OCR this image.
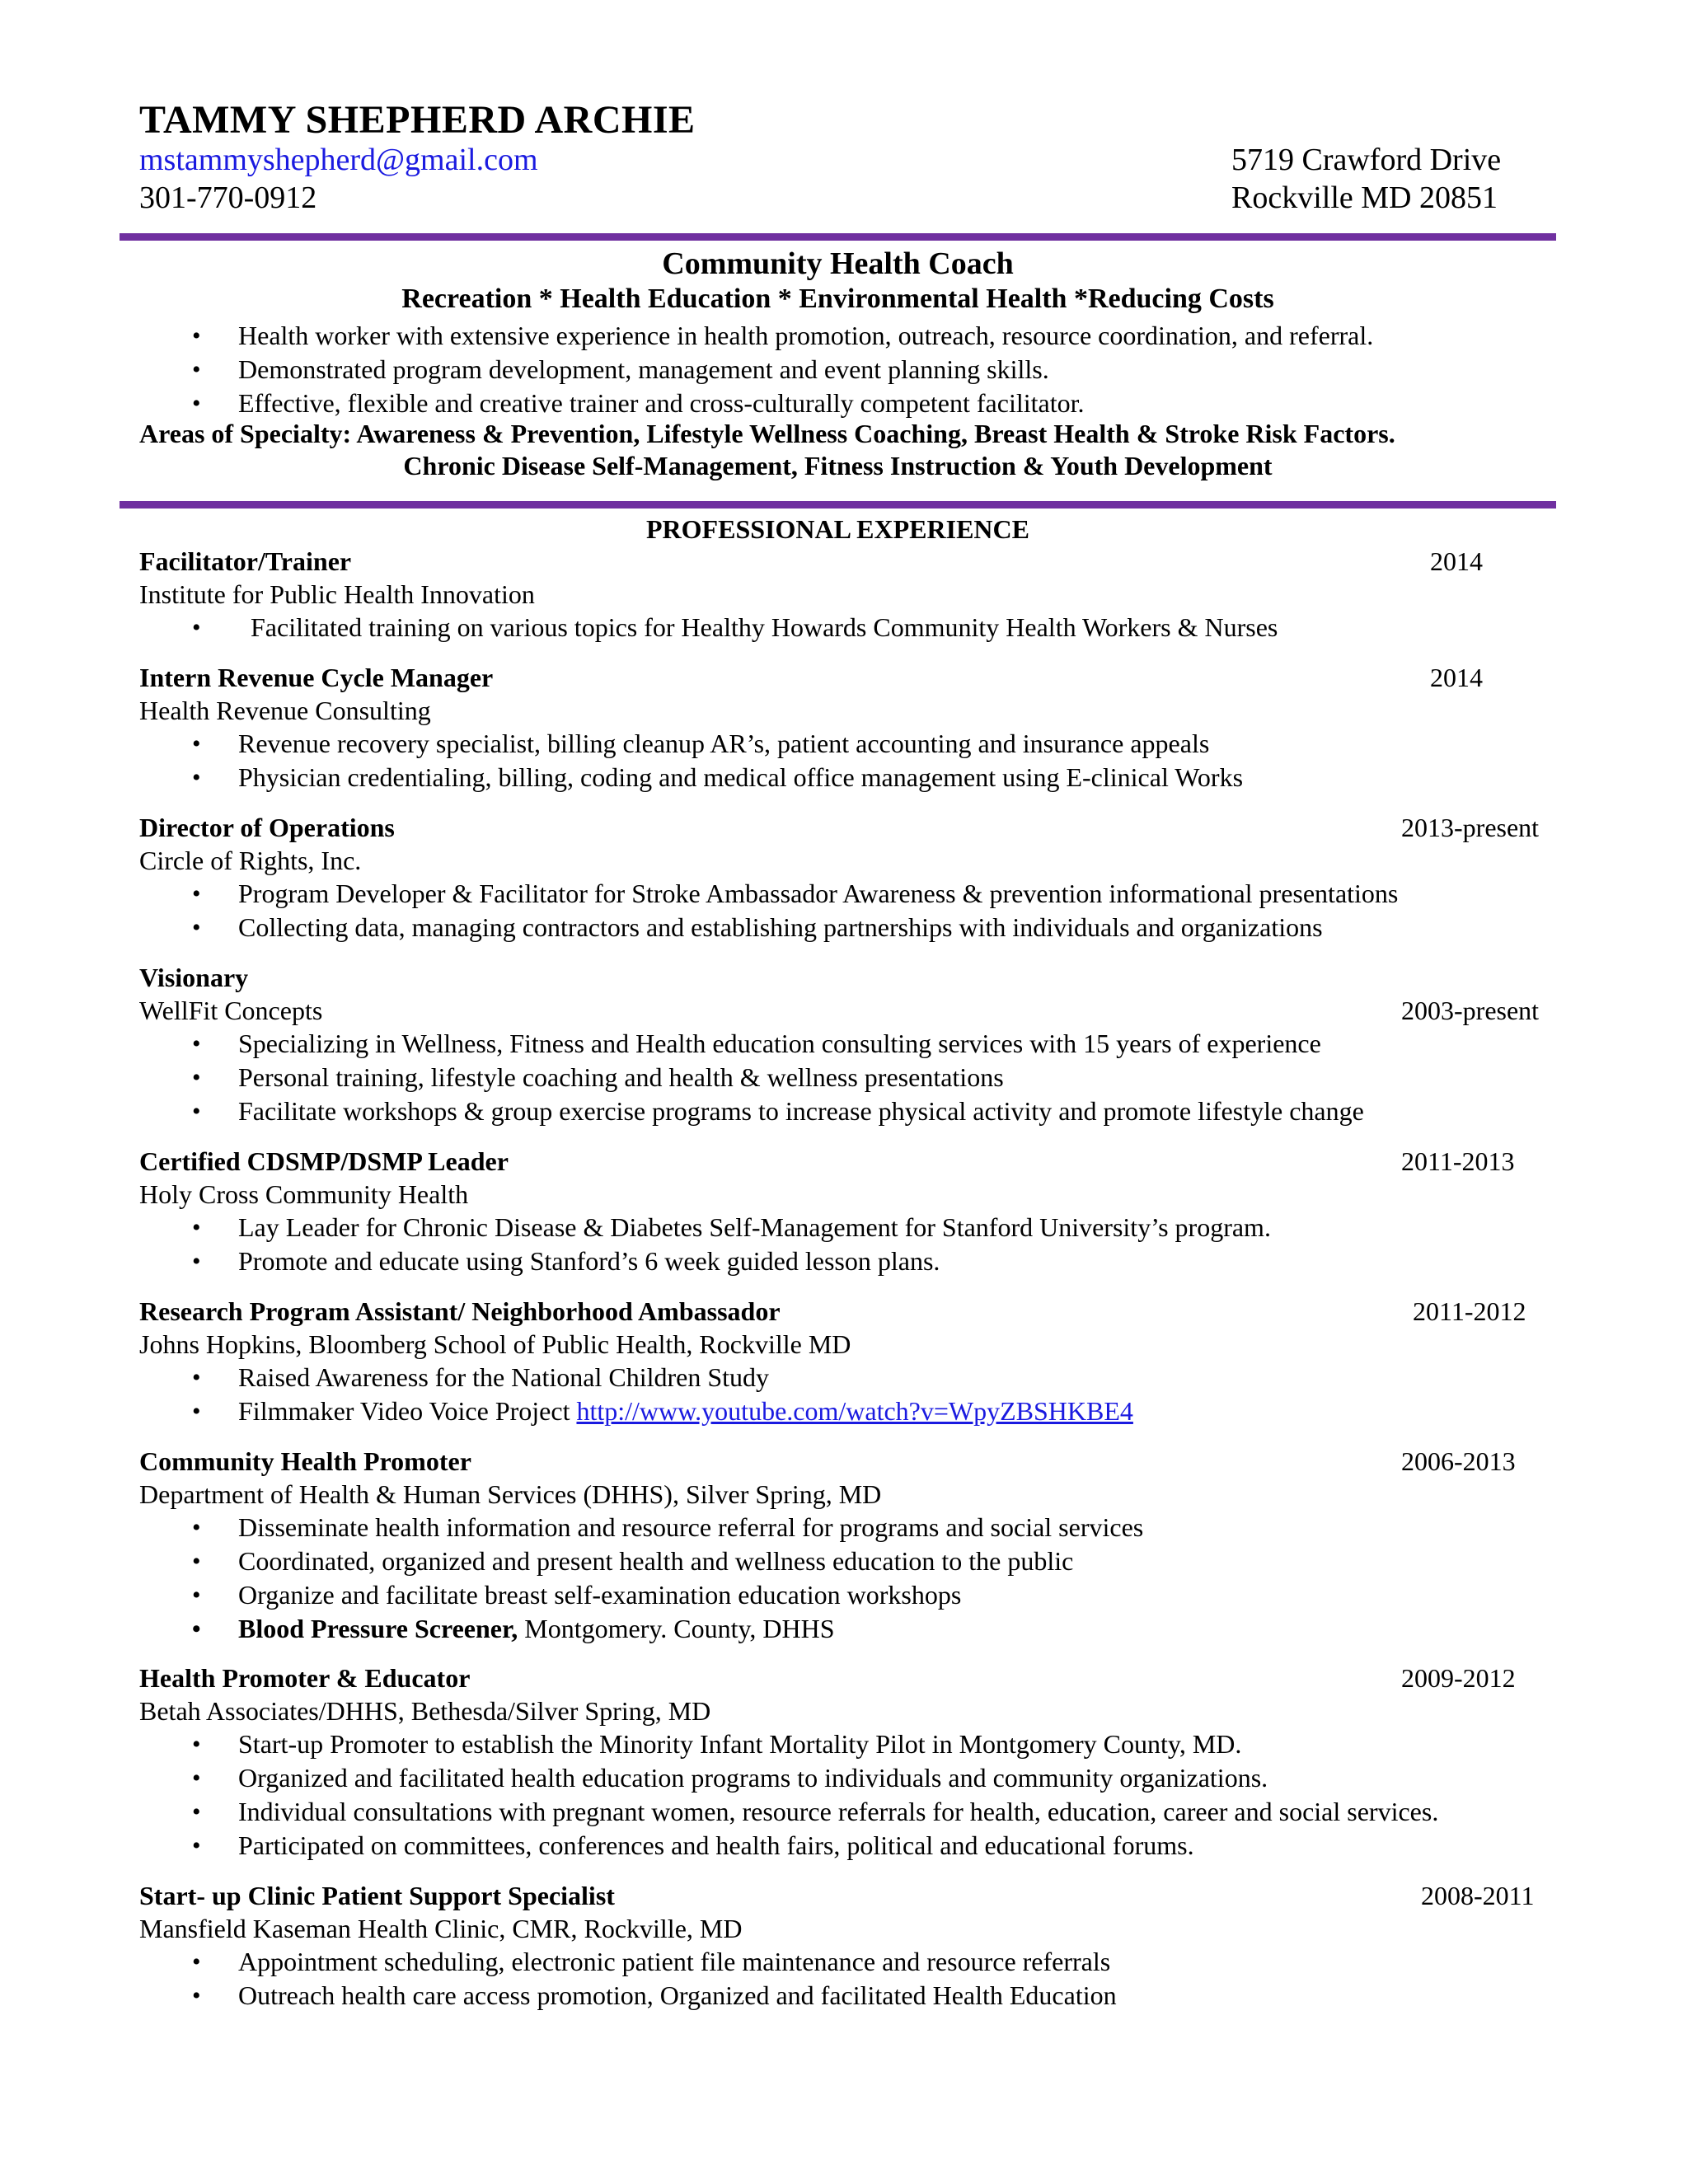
TAMMY SHEPHERD ARCHIE
mstammyshepherd@gmail.com
301-770-0912
5719 Crawford Drive
Rockville MD 20851
Community Health Coach
Recreation * Health Education * Environmental Health *Reducing Costs
• Health worker with extensive experience in health promotion, outreach, resource coordination, and referral.
• Demonstrated program development, management and event planning skills.
• Effective, flexible and creative trainer and cross-culturally competent facilitator.
Areas of Specialty: Awareness & Prevention, Lifestyle Wellness Coaching, Breast Health & Stroke Risk Factors.
Chronic Disease Self-Management, Fitness Instruction & Youth Development
PROFESSIONAL EXPERIENCE
Facilitator/Trainer	2014
Institute for Public Health Innovation
• Facilitated training on various topics for Healthy Howards Community Health Workers & Nurses
Intern Revenue Cycle Manager	2014
Health Revenue Consulting
• Revenue recovery specialist, billing cleanup AR’s, patient accounting and insurance appeals
• Physician credentialing, billing, coding and medical office management using E-clinical Works
Director of Operations	2013-present
Circle of Rights, Inc.
• Program Developer & Facilitator for Stroke Ambassador Awareness & prevention informational presentations
• Collecting data, managing contractors and establishing partnerships with individuals and organizations
Visionary
WellFit Concepts	2003-present
• Specializing in Wellness, Fitness and Health education consulting services with 15 years of experience
• Personal training, lifestyle coaching and health & wellness presentations
• Facilitate workshops & group exercise programs to increase physical activity and promote lifestyle change
Certified CDSMP/DSMP Leader	2011-2013
Holy Cross Community Health
• Lay Leader for Chronic Disease & Diabetes Self-Management for Stanford University’s program.
• Promote and educate using Stanford’s 6 week guided lesson plans.
Research Program Assistant/ Neighborhood Ambassador	2011-2012
Johns Hopkins, Bloomberg School of Public Health, Rockville MD
• Raised Awareness for the National Children Study
• Filmmaker Video Voice Project http://www.youtube.com/watch?v=WpyZBSHKBE4
Community Health Promoter	2006-2013
Department of Health & Human Services (DHHS), Silver Spring, MD
• Disseminate health information and resource referral for programs and social services
• Coordinated, organized and present health and wellness education to the public
• Organize and facilitate breast self-examination education workshops
• Blood Pressure Screener, Montgomery. County, DHHS
Health Promoter & Educator	2009-2012
Betah Associates/DHHS, Bethesda/Silver Spring, MD
• Start-up Promoter to establish the Minority Infant Mortality Pilot in Montgomery County, MD.
• Organized and facilitated health education programs to individuals and community organizations.
• Individual consultations with pregnant women, resource referrals for health, education, career and social services.
• Participated on committees, conferences and health fairs, political and educational forums.
Start- up Clinic Patient Support Specialist	2008-2011
Mansfield Kaseman Health Clinic, CMR, Rockville, MD
• Appointment scheduling, electronic patient file maintenance and resource referrals
• Outreach health care access promotion, Organized and facilitated Health Education
